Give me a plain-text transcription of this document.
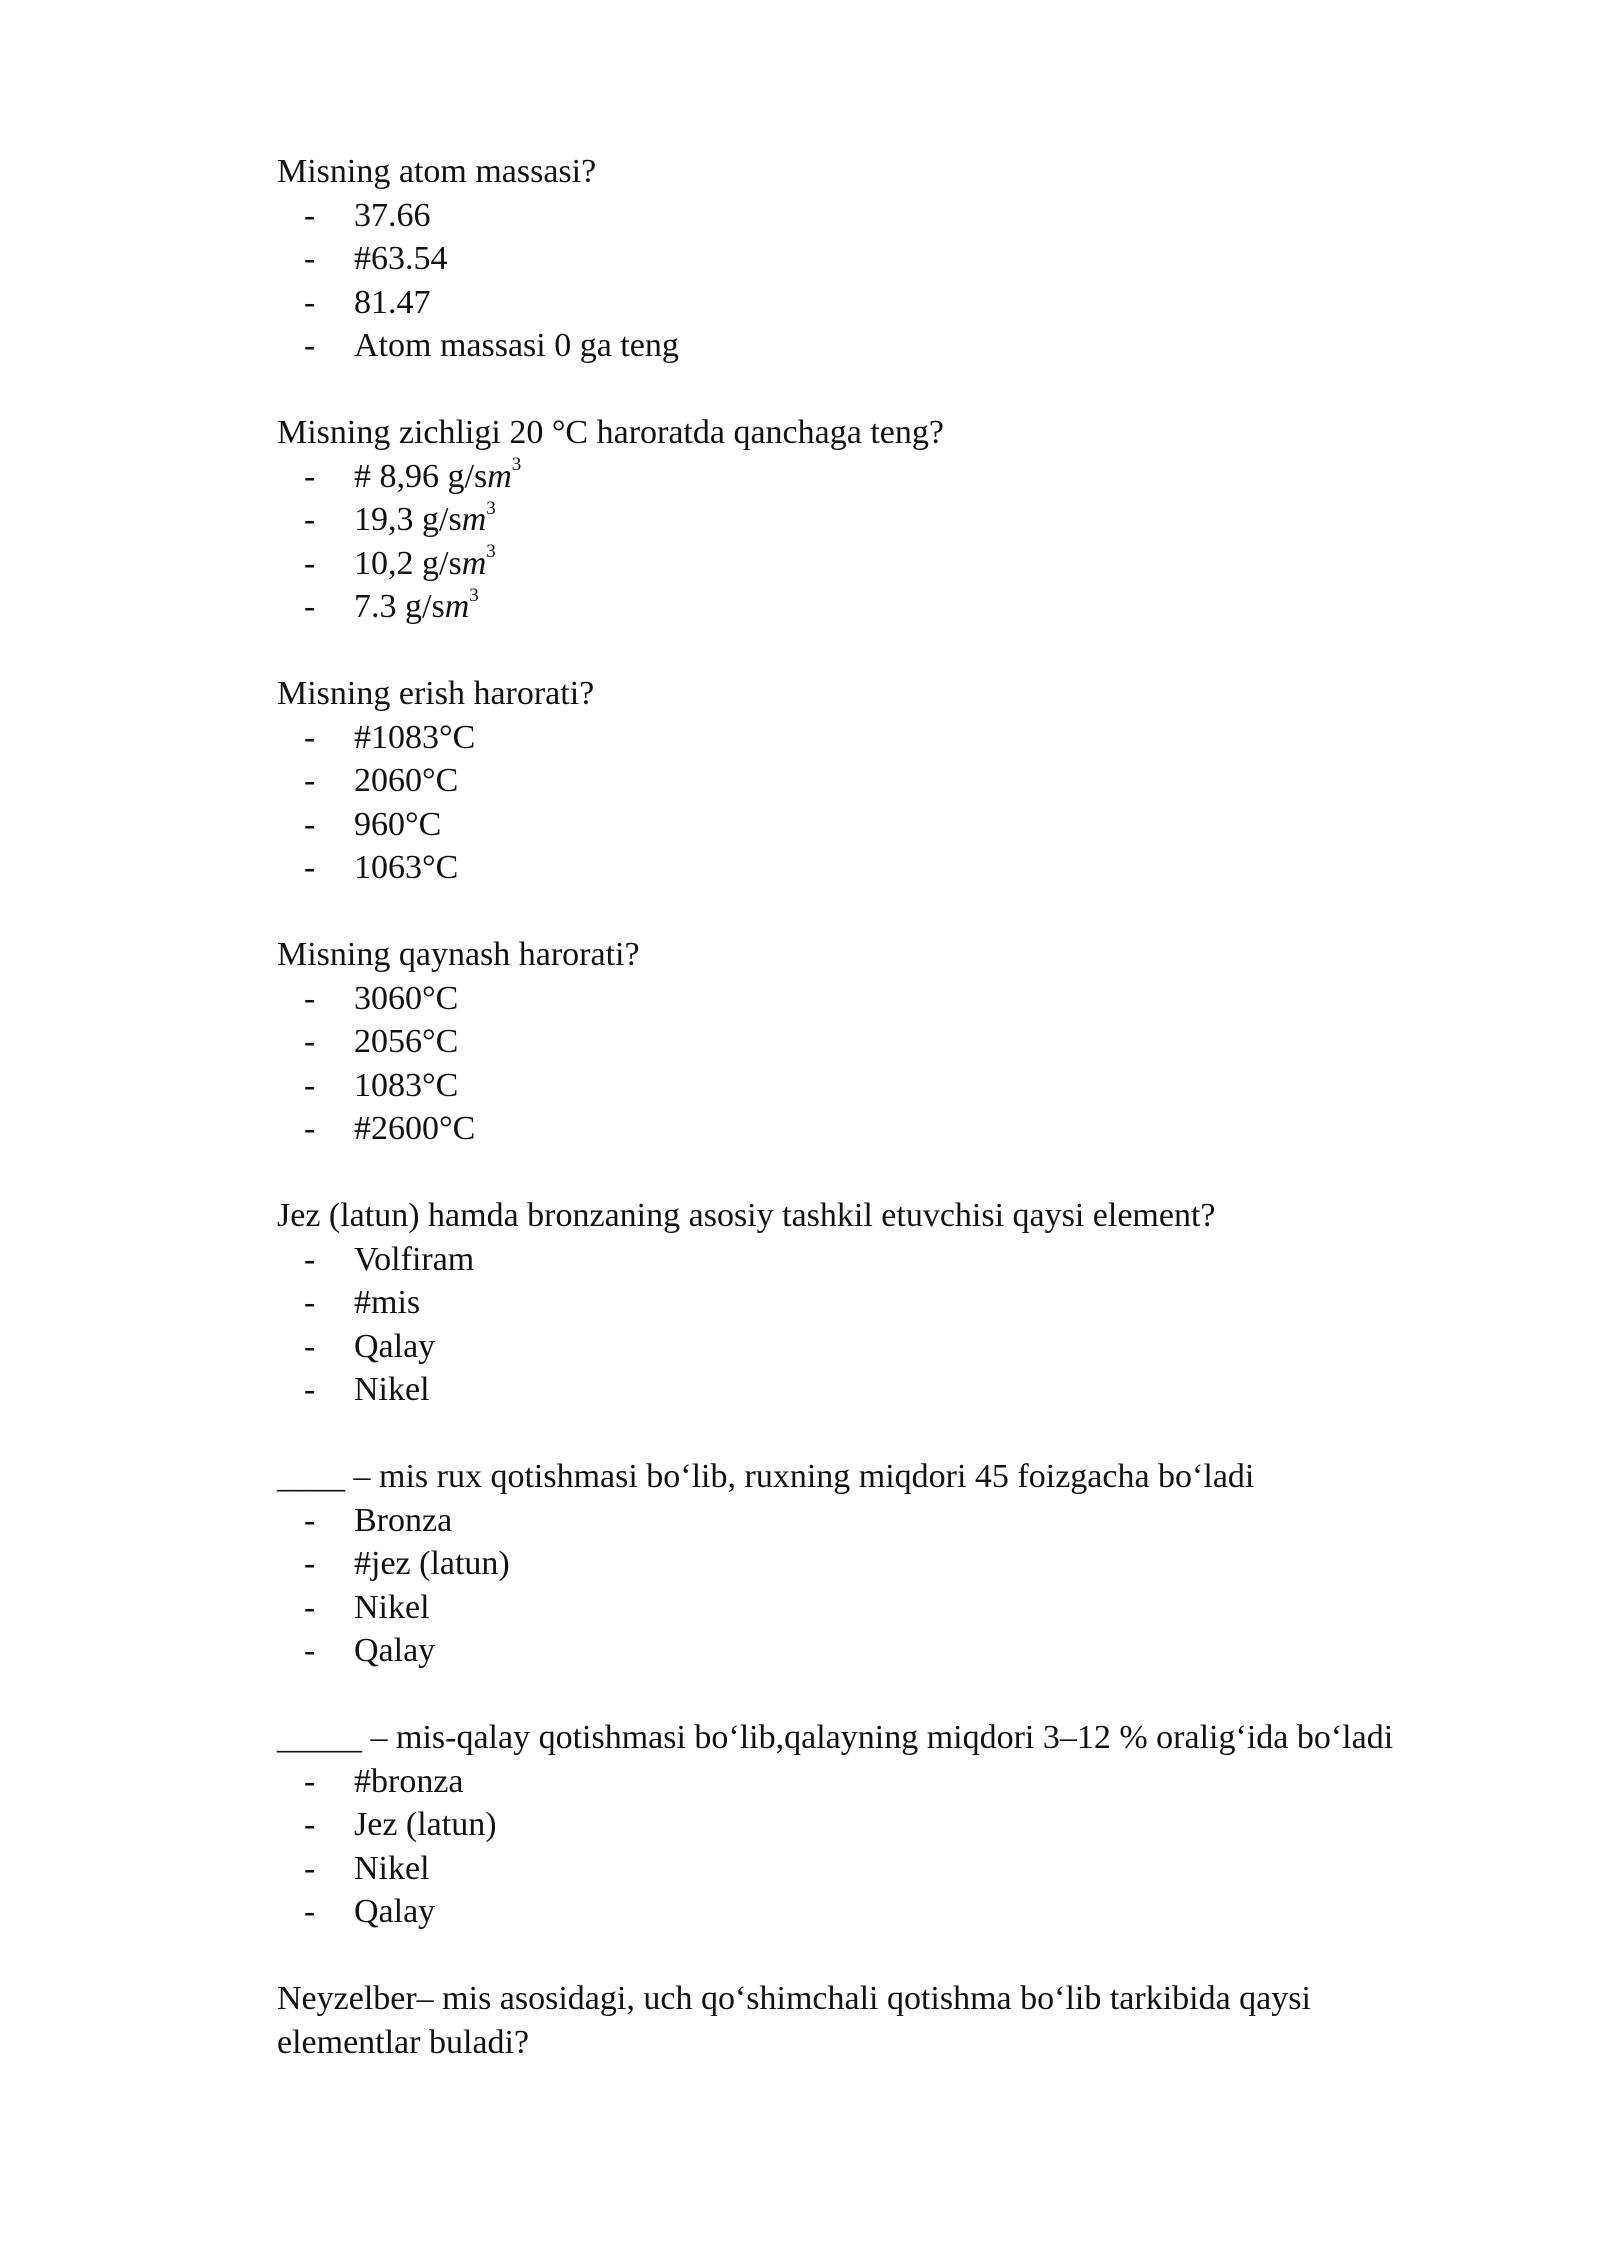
Misning atom massasi?

- 37.66
- #63.54
- 81.47
- Atom massasi 0 ga teng

Misning zichligi 20 °C haroratda qanchaga teng?

- # 8,96 $g/sm^3$
- 19,3 $g/sm^3$
- 10,2 $g/sm^3$
- 7.3 $g/sm^3$

Misning erish harorati?

- #1083°C
- 2060°C
- 960°C
- 1063°C

Misning qaynash harorati?

- 3060°C
- 2056°C
- 1083°C
- #2600°C

Jez (latun) hamda bronzaning asosiy tashkil etuvchisi qaysi element?

- Volfiram
- #mis
- Qalay
- Nikel

____ – mis rux qotishmasi bo‘lib, ruxning miqdori 45 foizgacha bo‘ladi

- Bronza
- #jez (latun)
- Nikel
- Qalay

_____ – mis-qalay qotishmasi bo‘lib,qalayning miqdori 3–12 % oralig‘ida bo‘ladi

- #bronza
- Jez (latun)
- Nikel
- Qalay

Neyzelber– mis asosidagi, uch qo‘shimchali qotishma bo‘lib tarkibida qaysi elementlar buladi?
